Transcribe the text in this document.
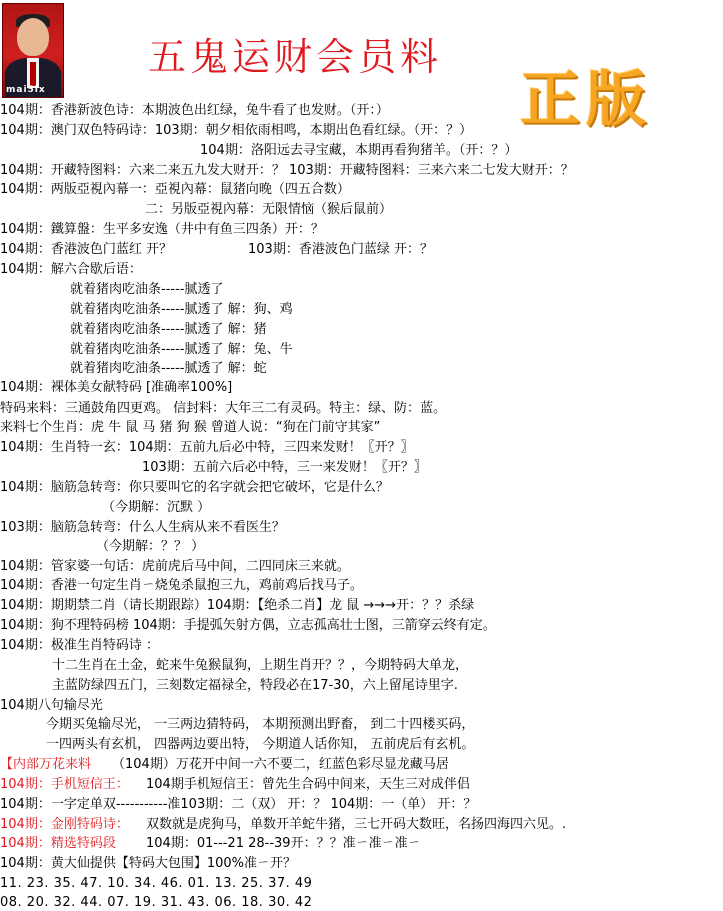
mai5ix
五鬼运财会员料
正版
104期：香港新波色诗：本期波色出红绿，兔牛看了也发财。（开：）
104期：澳门双色特码诗：103期：朝夕相依雨相鸣，本期出色看红绿。（开：？）
104期：洛阳远去寻宝藏，本期再看狗猪羊。（开：？）
104期：开藏特图料：六来二来五九发大财开：？ 103期：开藏特图料：三来六来二七发大财开：？
104期：两版亞視內幕一：亞視內幕：鼠猪向晚（四五合数）
二：另版亞視內幕：无限情恼（猴后鼠前）
104期：鐵算盤：生平多安逸（井中有鱼三四条）开：？
104期：香港波色门蓝红 开？	103期：香港波色门蓝绿 开：？
104期：解六合歇后语：
就着猪肉吃油条-----腻透了
就着猪肉吃油条-----腻透了 解：狗、鸡
就着猪肉吃油条-----腻透了 解：猪
就着猪肉吃油条-----腻透了 解：兔、牛
就着猪肉吃油条-----腻透了 解：蛇
104期：裸体美女献特码 [准确率100%]
特码来料：三通鼓角四更鸡。 信封料：大年三二有灵码。特主：绿、防：蓝。
来料七个生肖：虎 牛 鼠 马 猪 狗 猴 曾道人说：“狗在门前守其家”
104期：生肖特一玄：104期：五前九后必中特，三四来发财！〖开？〗
103期：五前六后必中特，三一来发财！〖开？〗
104期：脑筋急转弯：你只要叫它的名字就会把它破坏，它是什么？
（今期解：沉默 ）
103期：脑筋急转弯：什么人生病从来不看医生？
（今期解：？？ ）
104期：管家婆一句话：虎前虎后马中间，二四同床三来就。
104期：香港一句定生肖ㄧ烧兔杀鼠抱三九，鸡前鸡后找马子。
104期：期期禁二肖（请长期跟踪）104期：【绝杀二肖】龙 鼠 →→→开：？？杀绿
104期：狗不理特码榜 104期：手提弧矢射方偶，立志孤高壮士图，三箭穿云终有定。
104期：极准生肖特码诗 ：
十二生肖在土金，蛇来牛兔猴鼠狗，上期生肖开？？，今期特码大单龙，
主蓝防绿四五门，三刻数定福禄全，特段必在17-30，六上留尾诗里字.
104期八句输尽光
今期买兔输尽光， 一三两边猜特码， 本期预测出野畜， 到二十四楼买码，
一四两头有玄机， 四器两边要出特， 今期道人话你知， 五前虎后有玄机。
【内部万花来料 （104期）万花开中间一六不要二，红蓝色彩尽显龙藏马居
104期：手机短信王： 104期手机短信王：曾先生合码中间来，天生三对成伴侣
104期：一字定单双-----------准103期：二（双） 开：？ 104期：一（单） 开：？
104期：金刚特码诗： 双数就是虎狗马，单数开羊蛇牛猪，三七开码大数旺，名扬四海四六见。.
104期：精选特码段 104期：01---21 28--39开：？？准ㄧ准ㄧ准ㄧ
104期：黄大仙提供【特码大包围】100%准ㄧ开？
11. 23. 35. 47. 10. 34. 46. 01. 13. 25. 37. 49
08. 20. 32. 44. 07. 19. 31. 43. 06. 18. 30. 42
